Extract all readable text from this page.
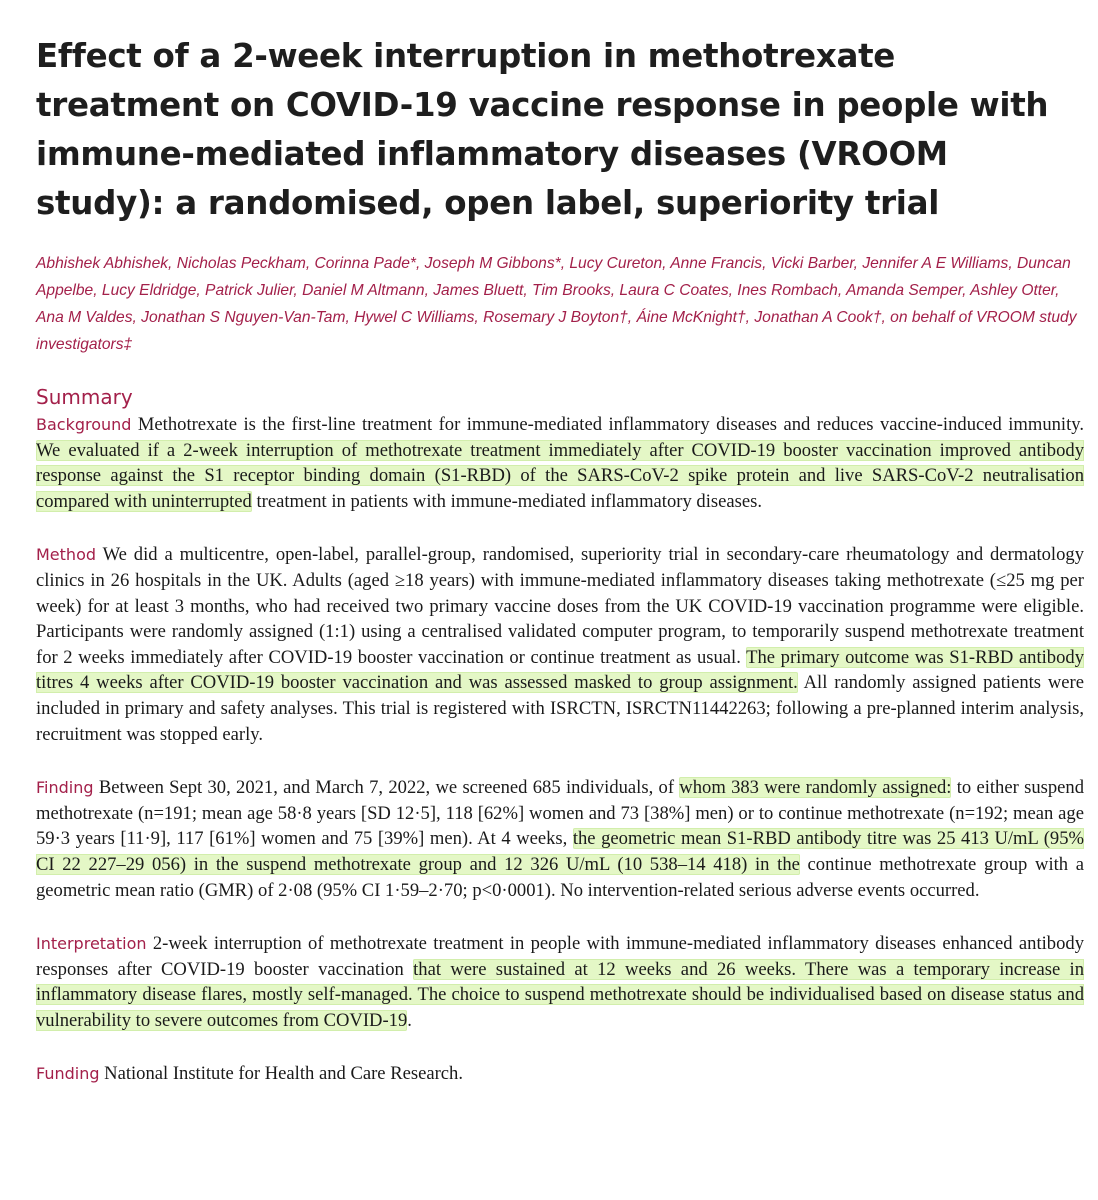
Effect of a 2-week interruption in methotrexate treatment on COVID-19 vaccine response in people with immune-mediated inflammatory diseases (VROOM study): a randomised, open label, superiority trial

Abhishek Abhishek, Nicholas Peckham, Corinna Pade*, Joseph M Gibbons*, Lucy Cureton, Anne Francis, Vicki Barber, Jennifer A E Williams, Duncan Appelbe, Lucy Eldridge, Patrick Julier, Daniel M Altmann, James Bluett, Tim Brooks, Laura C Coates, Ines Rombach, Amanda Semper, Ashley Otter, Ana M Valdes, Jonathan S Nguyen-Van-Tam, Hywel C Williams, Rosemary J Boyton†, Áine McKnight†, Jonathan A Cook†, on behalf of VROOM study investigators‡

Summary

Background Methotrexate is the first-line treatment for immune-mediated inflammatory diseases and reduces vaccine-induced immunity. We evaluated if a 2-week interruption of methotrexate treatment immediately after COVID-19 booster vaccination improved antibody response against the S1 receptor binding domain (S1-RBD) of the SARS-CoV-2 spike protein and live SARS-CoV-2 neutralisation compared with uninterrupted treatment in patients with immune-mediated inflammatory diseases.

Method We did a multicentre, open-label, parallel-group, randomised, superiority trial in secondary-care rheumatology and dermatology clinics in 26 hospitals in the UK. Adults (aged ≥18 years) with immune-mediated inflammatory diseases taking methotrexate (≤25 mg per week) for at least 3 months, who had received two primary vaccine doses from the UK COVID-19 vaccination programme were eligible. Participants were randomly assigned (1:1) using a centralised validated computer program, to temporarily suspend methotrexate treatment for 2 weeks immediately after COVID-19 booster vaccination or continue treatment as usual. The primary outcome was S1-RBD antibody titres 4 weeks after COVID-19 booster vaccination and was assessed masked to group assignment. All randomly assigned patients were included in primary and safety analyses. This trial is registered with ISRCTN, ISRCTN11442263; following a pre-planned interim analysis, recruitment was stopped early.

Finding Between Sept 30, 2021, and March 7, 2022, we screened 685 individuals, of whom 383 were randomly assigned: to either suspend methotrexate (n=191; mean age 58·8 years [SD 12·5], 118 [62%] women and 73 [38%] men) or to continue methotrexate (n=192; mean age 59·3 years [11·9], 117 [61%] women and 75 [39%] men). At 4 weeks, the geometric mean S1-RBD antibody titre was 25 413 U/mL (95% CI 22 227–29 056) in the suspend methotrexate group and 12 326 U/mL (10 538–14 418) in the continue methotrexate group with a geometric mean ratio (GMR) of 2·08 (95% CI 1·59–2·70; p<0·0001). No intervention-related serious adverse events occurred.

Interpretation 2-week interruption of methotrexate treatment in people with immune-mediated inflammatory diseases enhanced antibody responses after COVID-19 booster vaccination that were sustained at 12 weeks and 26 weeks. There was a temporary increase in inflammatory disease flares, mostly self-managed. The choice to suspend methotrexate should be individualised based on disease status and vulnerability to severe outcomes from COVID-19.

Funding National Institute for Health and Care Research.
